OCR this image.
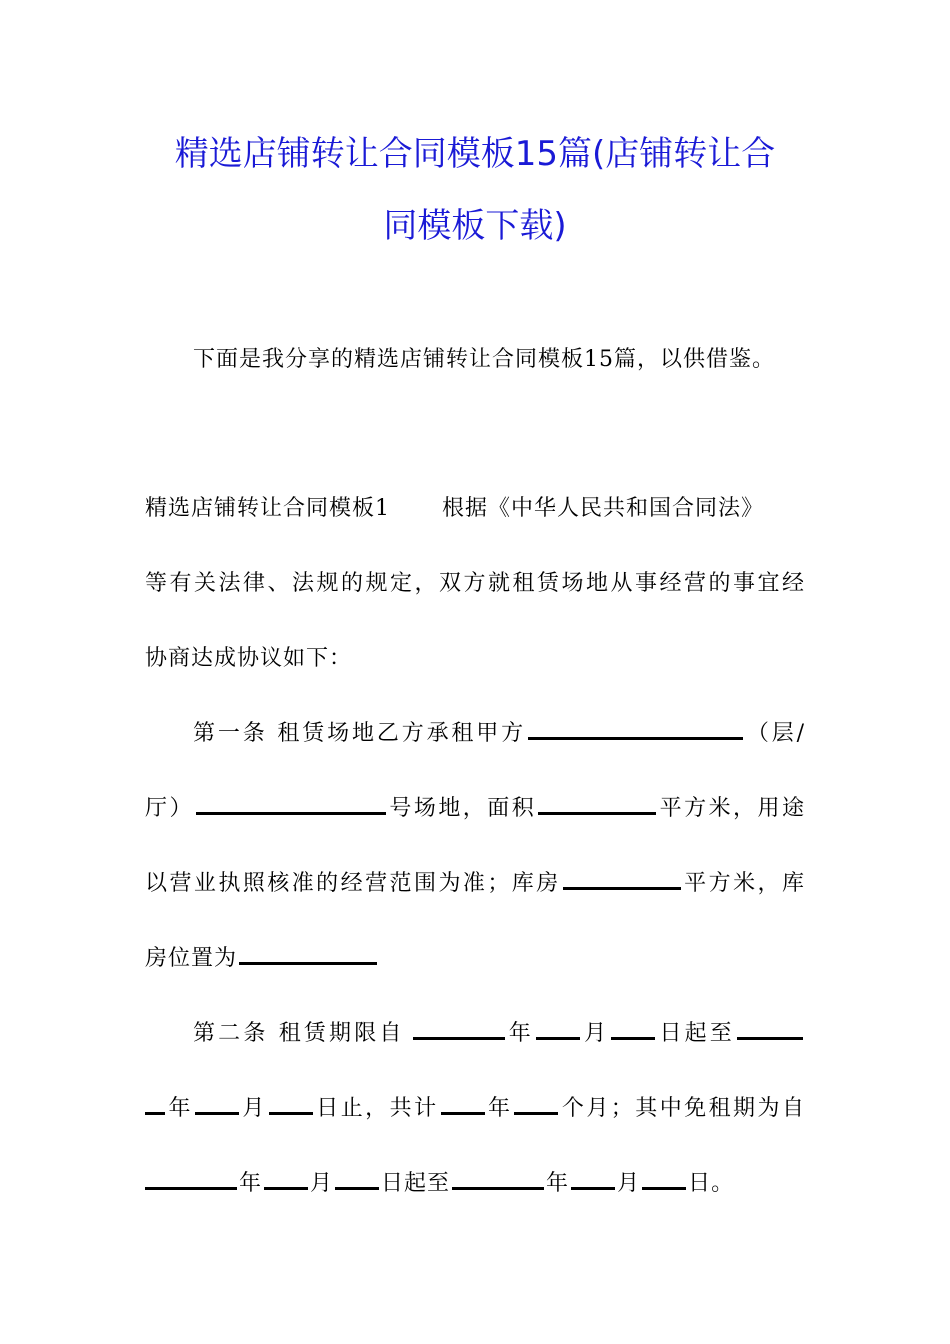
精选店铺转让合同模板15篇(店铺转让合
同模板下载)
下面是我分享的精选店铺转让合同模板15篇，以供借鉴。
精选店铺转让合同模板1 根据《中华人民共和国合同法》
等有关法律、法规的规定，双方就租赁场地从事经营的事宜经
协商达成协议如下：
第一条 租赁场地乙方承租甲方	（层/
厅）	号场地，面积	平方米，用途
以营业执照核准的经营范围为准；库房	平方米，库
房位置为
第二条 租赁期限自	年 月 日起至
年 月 日止，共计 年 个月；其中免租期为自
年 月 日起至	年 月 日。
